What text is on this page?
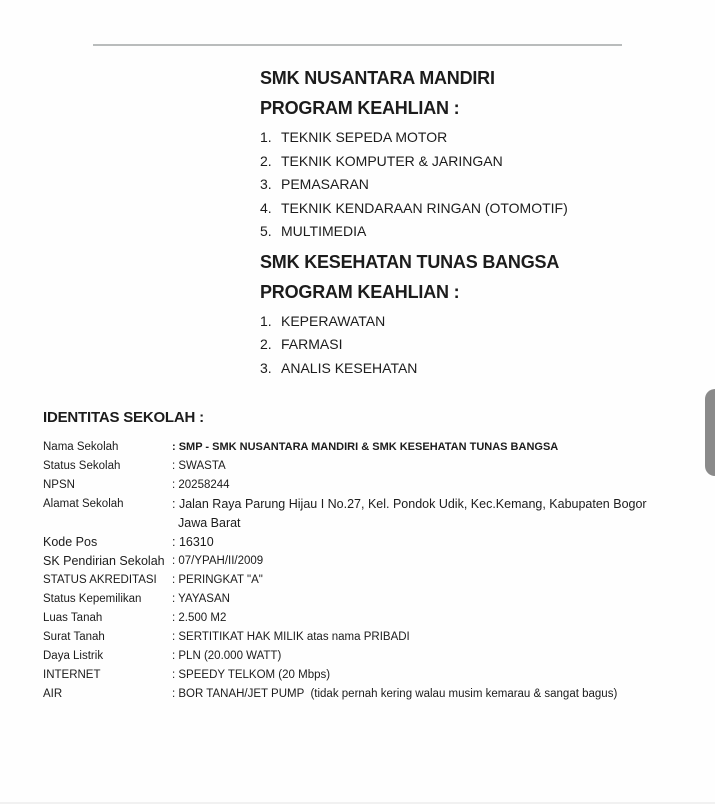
SMK NUSANTARA MANDIRI
PROGRAM KEAHLIAN :
1. TEKNIK SEPEDA MOTOR
2. TEKNIK KOMPUTER & JARINGAN
3. PEMASARAN
4. TEKNIK KENDARAAN RINGAN (OTOMOTIF)
5. MULTIMEDIA
SMK KESEHATAN TUNAS BANGSA
PROGRAM KEAHLIAN :
1. KEPERAWATAN
2. FARMASI
3. ANALIS KESEHATAN
IDENTITAS SEKOLAH :
Nama Sekolah	: SMP - SMK NUSANTARA MANDIRI & SMK KESEHATAN TUNAS BANGSA
Status Sekolah	: SWASTA
NPSN	: 20258244
Alamat Sekolah	: Jalan Raya Parung Hijau I No.27, Kel. Pondok Udik, Kec.Kemang, Kabupaten Bogor
Jawa Barat
Kode Pos	: 16310
SK Pendirian Sekolah : 07/YPAH/II/2009
STATUS AKREDITASI	: PERINGKAT "A"
Status Kepemilikan	: YAYASAN
Luas Tanah	: 2.500 M2
Surat Tanah	: SERTITIKAT HAK MILIK atas nama PRIBADI
Daya Listrik	: PLN (20.000 WATT)
INTERNET	: SPEEDY TELKOM (20 Mbps)
AIR	: BOR TANAH/JET PUMP  (tidak pernah kering walau musim kemarau & sangat bagus)
